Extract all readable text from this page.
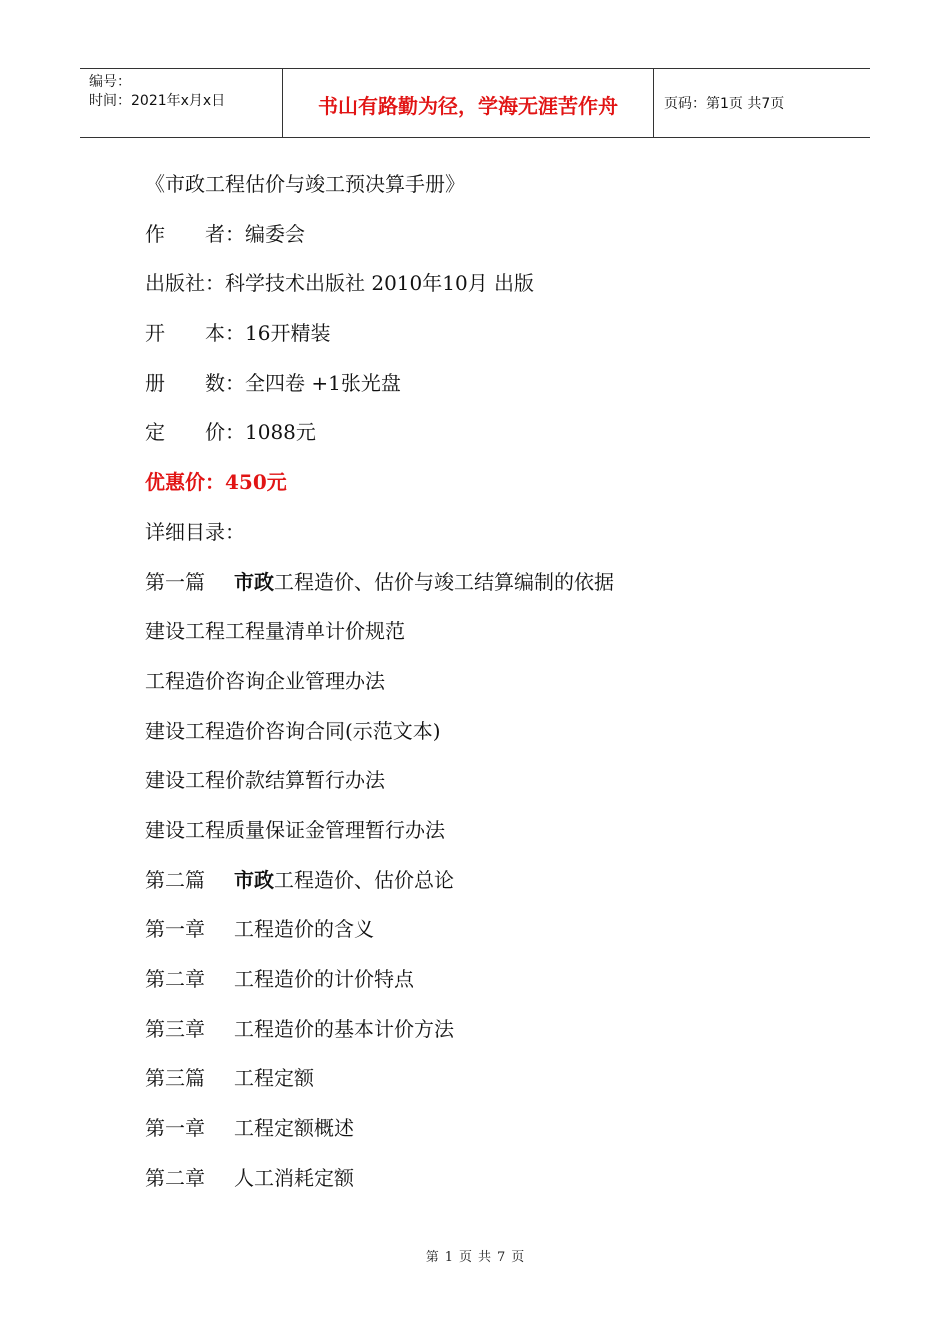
编号：
时间：2021年x月x日	书山有路勤为径，学海无涯苦作舟	页码：第1页 共7页
《市政工程估价与竣工预决算手册》
作　　者：编委会
出版社：科学技术出版社 2010年10月 出版
开　　本：16开精装
册　　数：全四卷 +1张光盘
定　　价：1088元
优惠价：450元
详细目录：
第一篇 市政工程造价、估价与竣工结算编制的依据
建设工程工程量清单计价规范
工程造价咨询企业管理办法
建设工程造价咨询合同(示范文本)
建设工程价款结算暂行办法
建设工程质量保证金管理暂行办法
第二篇 市政工程造价、估价总论
第一章 工程造价的含义
第二章 工程造价的计价特点
第三章 工程造价的基本计价方法
第三篇 工程定额
第一章 工程定额概述
第二章 人工消耗定额
第 1 页 共 7 页
